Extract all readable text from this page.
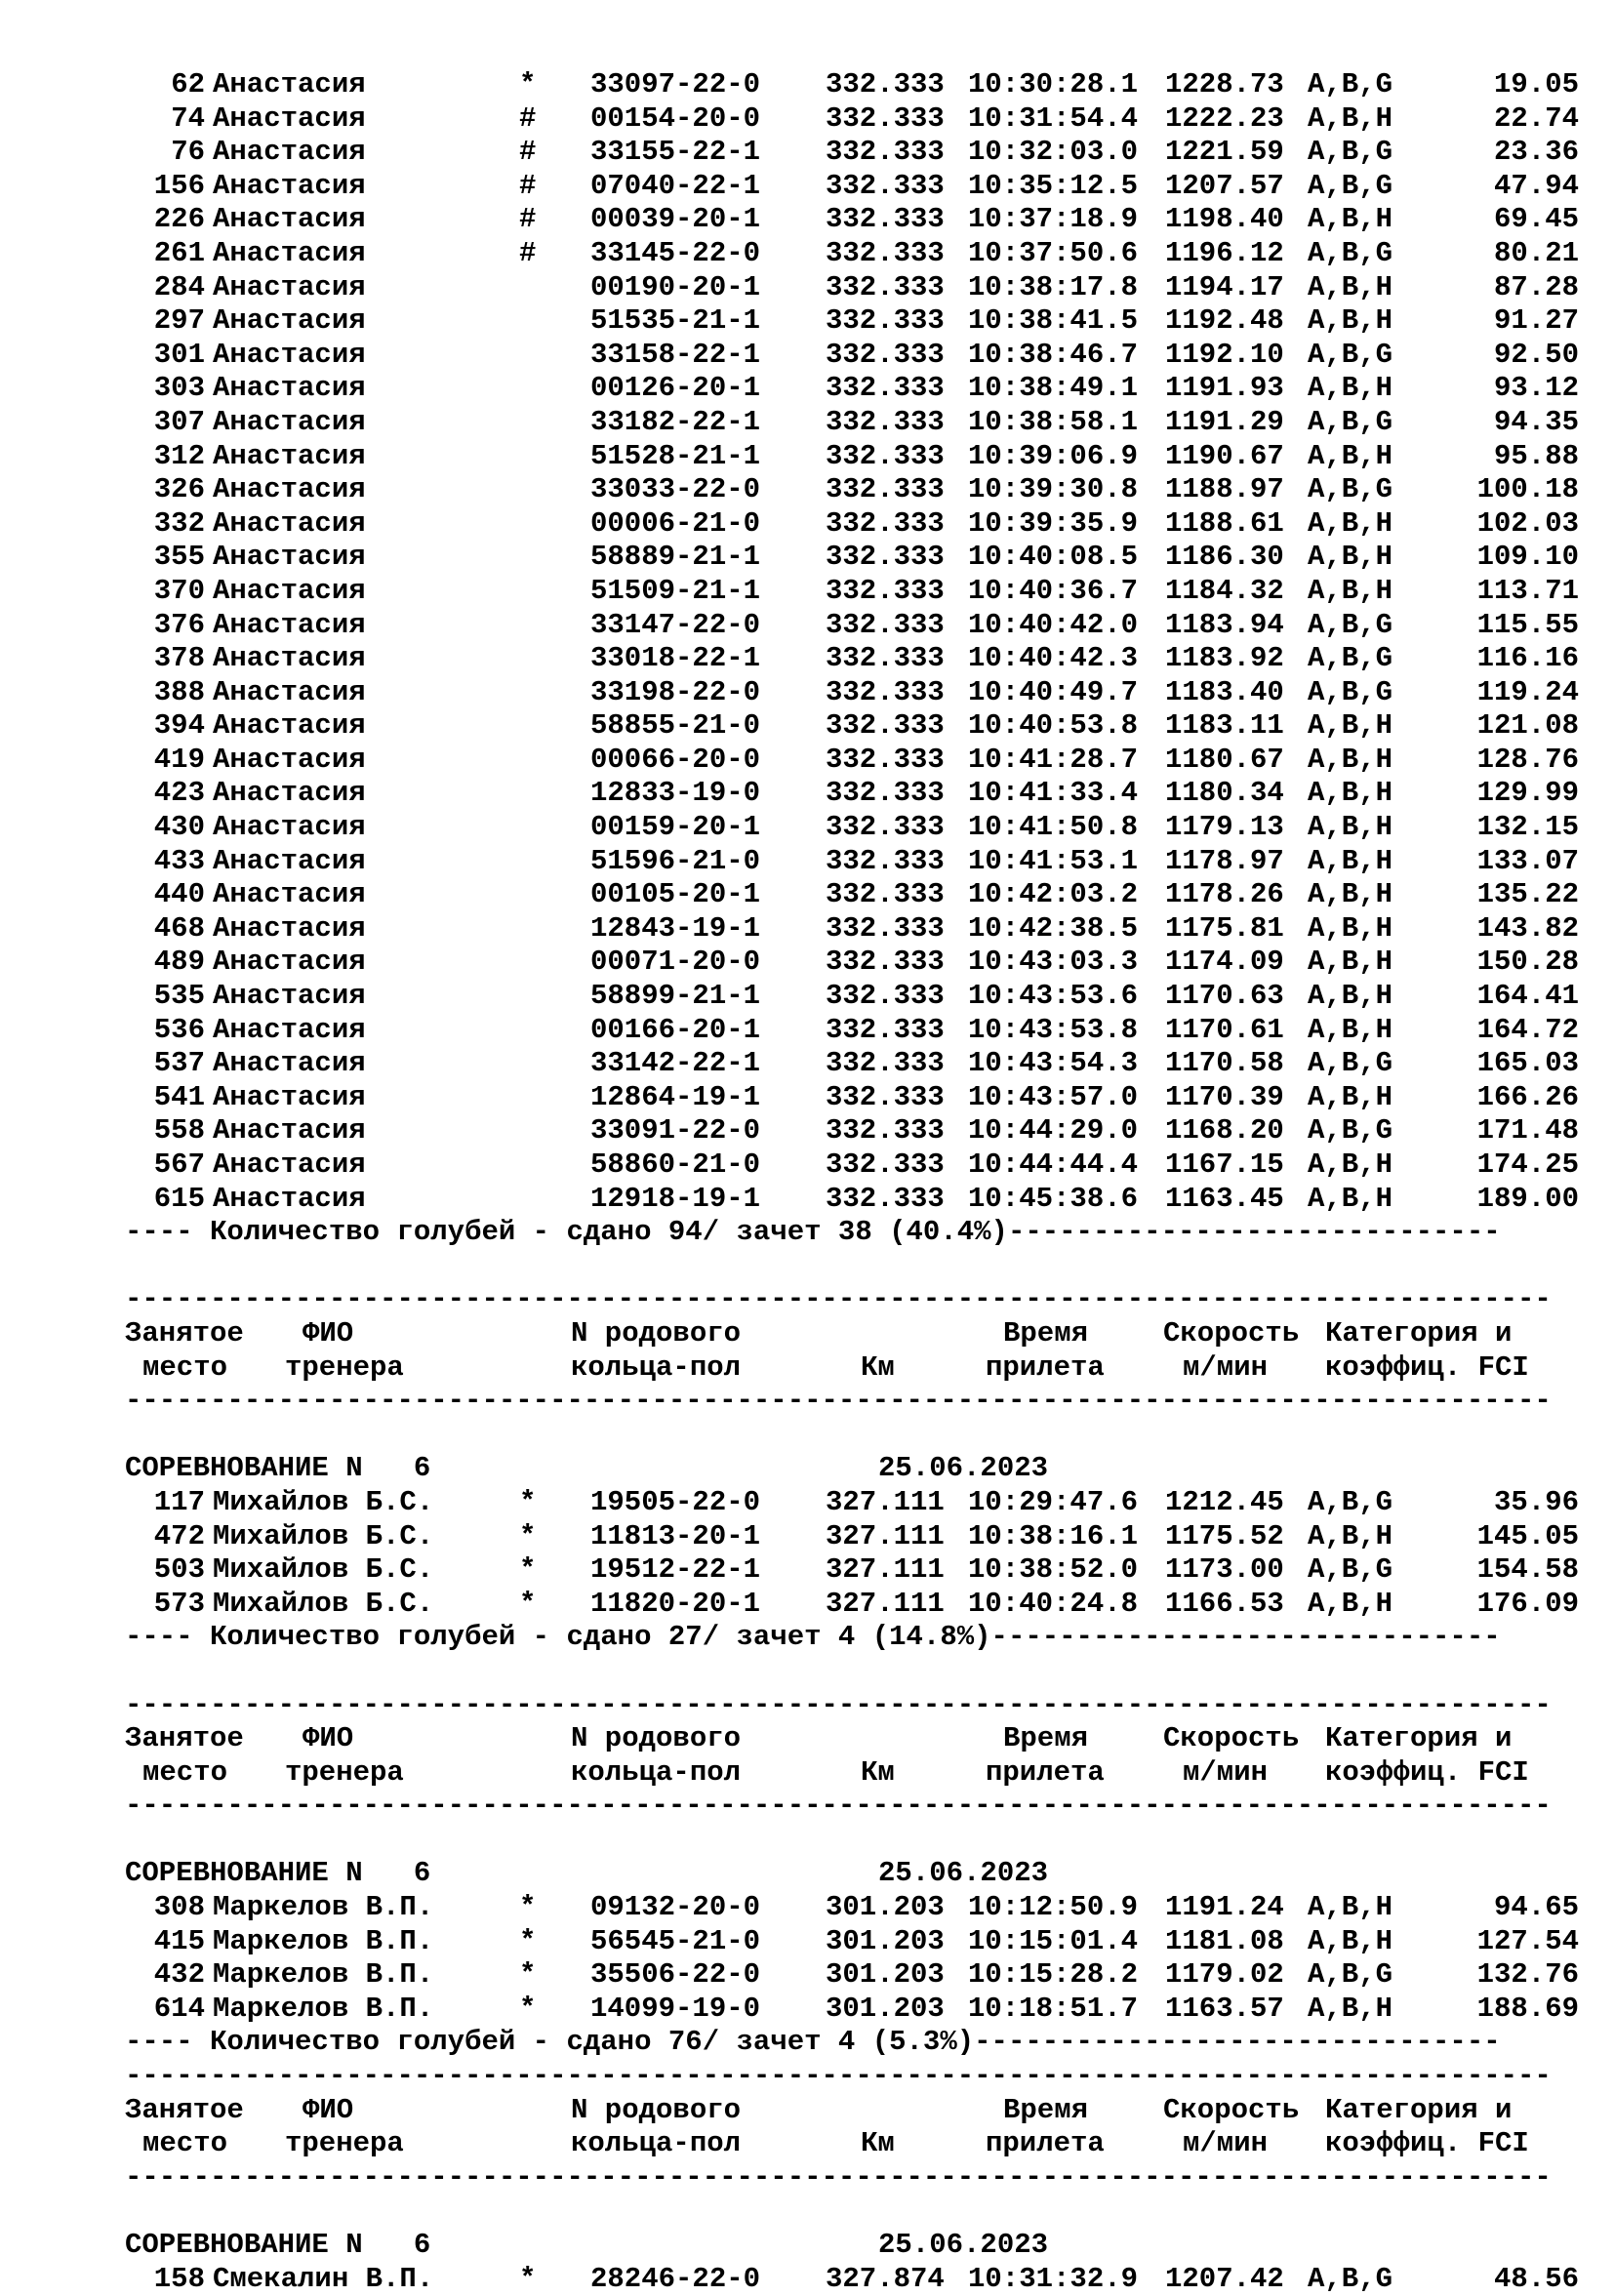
62 Анастасия	* 33097-22-0 332.333 10:30:28.1 1228.73 A,B,G	19.05
74 Анастасия	# 00154-20-0 332.333 10:31:54.4 1222.23 A,B,H	22.74
76 Анастасия	# 33155-22-1 332.333 10:32:03.0 1221.59 A,B,G	23.36
156 Анастасия	# 07040-22-1 332.333 10:35:12.5 1207.57 A,B,G	47.94
226 Анастасия	# 00039-20-1 332.333 10:37:18.9 1198.40 A,B,H	69.45
261 Анастасия	# 33145-22-0 332.333 10:37:50.6 1196.12 A,B,G	80.21
284 Анастасия	00190-20-1 332.333 10:38:17.8 1194.17 A,B,H	87.28
297 Анастасия	51535-21-1 332.333 10:38:41.5 1192.48 A,B,H	91.27
301 Анастасия	33158-22-1 332.333 10:38:46.7 1192.10 A,B,G	92.50
303 Анастасия	00126-20-1 332.333 10:38:49.1 1191.93 A,B,H	93.12
307 Анастасия	33182-22-1 332.333 10:38:58.1 1191.29 A,B,G	94.35
312 Анастасия	51528-21-1 332.333 10:39:06.9 1190.67 A,B,H	95.88
326 Анастасия	33033-22-0 332.333 10:39:30.8 1188.97 A,B,G	100.18
332 Анастасия	00006-21-0 332.333 10:39:35.9 1188.61 A,B,H	102.03
355 Анастасия	58889-21-1 332.333 10:40:08.5 1186.30 A,B,H	109.10
370 Анастасия	51509-21-1 332.333 10:40:36.7 1184.32 A,B,H	113.71
376 Анастасия	33147-22-0 332.333 10:40:42.0 1183.94 A,B,G	115.55
378 Анастасия	33018-22-1 332.333 10:40:42.3 1183.92 A,B,G	116.16
388 Анастасия	33198-22-0 332.333 10:40:49.7 1183.40 A,B,G	119.24
394 Анастасия	58855-21-0 332.333 10:40:53.8 1183.11 A,B,H	121.08
419 Анастасия	00066-20-0 332.333 10:41:28.7 1180.67 A,B,H	128.76
423 Анастасия	12833-19-0 332.333 10:41:33.4 1180.34 A,B,H	129.99
430 Анастасия	00159-20-1 332.333 10:41:50.8 1179.13 A,B,H	132.15
433 Анастасия	51596-21-0 332.333 10:41:53.1 1178.97 A,B,H	133.07
440 Анастасия	00105-20-1 332.333 10:42:03.2 1178.26 A,B,H	135.22
468 Анастасия	12843-19-1 332.333 10:42:38.5 1175.81 A,B,H	143.82
489 Анастасия	00071-20-0 332.333 10:43:03.3 1174.09 A,B,H	150.28
535 Анастасия	58899-21-1 332.333 10:43:53.6 1170.63 A,B,H	164.41
536 Анастасия	00166-20-1 332.333 10:43:53.8 1170.61 A,B,H	164.72
537 Анастасия	33142-22-1 332.333 10:43:54.3 1170.58 A,B,G	165.03
541 Анастасия	12864-19-1 332.333 10:43:57.0 1170.39 A,B,H	166.26
558 Анастасия	33091-22-0 332.333 10:44:29.0 1168.20 A,B,G	171.48
567 Анастасия	58860-21-0 332.333 10:44:44.4 1167.15 A,B,H	174.25
615 Анастасия	12918-19-1 332.333 10:45:38.6 1163.45 A,B,H	189.00
---- Количество голубей - сдано 94/ зачет 38 (40.4%)-----------------------------
------------------------------------------------------------------------------------
Занятое ФИО	N родового	Время	Скорость Категория и
место тренера	кольца-пол	Км	прилета	м/мин коэффиц. FCI
------------------------------------------------------------------------------------
СОРЕВНОВАНИЕ N   6	25.06.2023
117 Михайлов Б.С.	* 19505-22-0 327.111 10:29:47.6 1212.45 A,B,G	35.96
472 Михайлов Б.С.	* 11813-20-1 327.111 10:38:16.1 1175.52 A,B,H	145.05
503 Михайлов Б.С.	* 19512-22-1 327.111 10:38:52.0 1173.00 A,B,G	154.58
573 Михайлов Б.С.	* 11820-20-1 327.111 10:40:24.8 1166.53 A,B,H	176.09
---- Количество голубей - сдано 27/ зачет 4 (14.8%)------------------------------
------------------------------------------------------------------------------------
Занятое ФИО	N родового	Время	Скорость Категория и
место тренера	кольца-пол	Км	прилета	м/мин коэффиц. FCI
------------------------------------------------------------------------------------
СОРЕВНОВАНИЕ N   6	25.06.2023
308 Маркелов В.П.	* 09132-20-0 301.203 10:12:50.9 1191.24 A,B,H	94.65
415 Маркелов В.П.	* 56545-21-0 301.203 10:15:01.4 1181.08 A,B,H	127.54
432 Маркелов В.П.	* 35506-22-0 301.203 10:15:28.2 1179.02 A,B,G	132.76
614 Маркелов В.П.	* 14099-19-0 301.203 10:18:51.7 1163.57 A,B,H	188.69
---- Количество голубей - сдано 76/ зачет 4 (5.3%)-------------------------------
------------------------------------------------------------------------------------
Занятое ФИО	N родового	Время	Скорость Категория и
место тренера	кольца-пол	Км	прилета	м/мин коэффиц. FCI
------------------------------------------------------------------------------------
СОРЕВНОВАНИЕ N   6	25.06.2023
158 Смекалин В.П.	* 28246-22-0 327.874 10:31:32.9 1207.42 A,B,G	48.56
